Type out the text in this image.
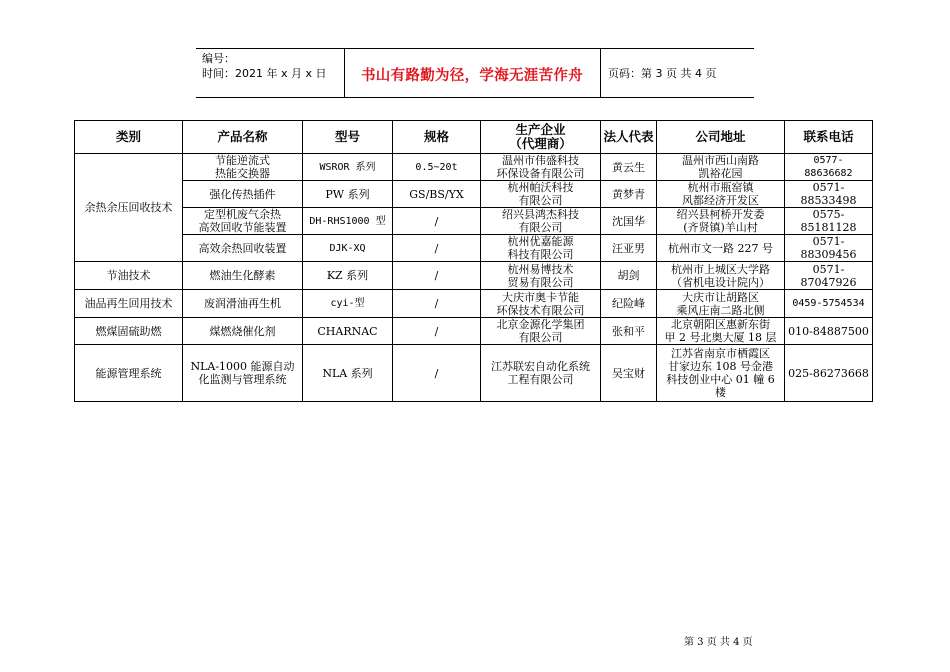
编号：
时间：2021 年 x 月 x 日	书山有路勤为径，学海无涯苦作舟	页码：第 3 页 共 4 页
类别	产品名称	型号	规格	生产企业
（代理商）	法人代表	公司地址	联系电话

余热余压回收技术	节能逆流式
热能交换器	WSROR 系列	0.5~20t	温州市伟盛科技
环保设备有限公司	黄云生	温州市西山南路
凯裕花园	0577-
88636682

	强化传热插件	PW 系列	GS/BS/YX	杭州帕沃科技
有限公司	黄梦青	杭州市瓶窑镇
风都经济开发区	0571-88533498

	定型机废气余热
高效回收节能装置	DH-RHS1000 型	/	绍兴县鸿杰科技
有限公司	沈国华	绍兴县柯桥开发委
(齐贤镇)羊山村	0575-85181128

	高效余热回收装置	DJK-XQ	/	杭州优嘉能源
科技有限公司	汪亚男	杭州市文一路 227 号	0571-88309456

节油技术	燃油生化酵素	KZ 系列	/	杭州易博技术
贸易有限公司	胡剑	杭州市上城区大学路
（省机电设计院内）	0571-87047926

油品再生回用技术	废润滑油再生机	cyi-型	/	大庆市奥卡节能
环保技术有限公司	纪险峰	大庆市让胡路区
乘风庄南二路北侧	0459-5754534

燃煤固硫助燃	煤燃烧催化剂	CHARNAC	/	北京金源化学集团
有限公司	张和平	北京朝阳区惠新东街
甲 2 号北奥大厦 18 层	010-84887500

能源管理系统	NLA-1000 能源自动
化监测与管理系统	NLA 系列	/	江苏联宏自动化系统
工程有限公司	吴宝财	江苏省南京市栖霞区
甘家边东 108 号金港
科技创业中心 01 幢 6
楼	025-86273668
第 3 页 共 4 页
